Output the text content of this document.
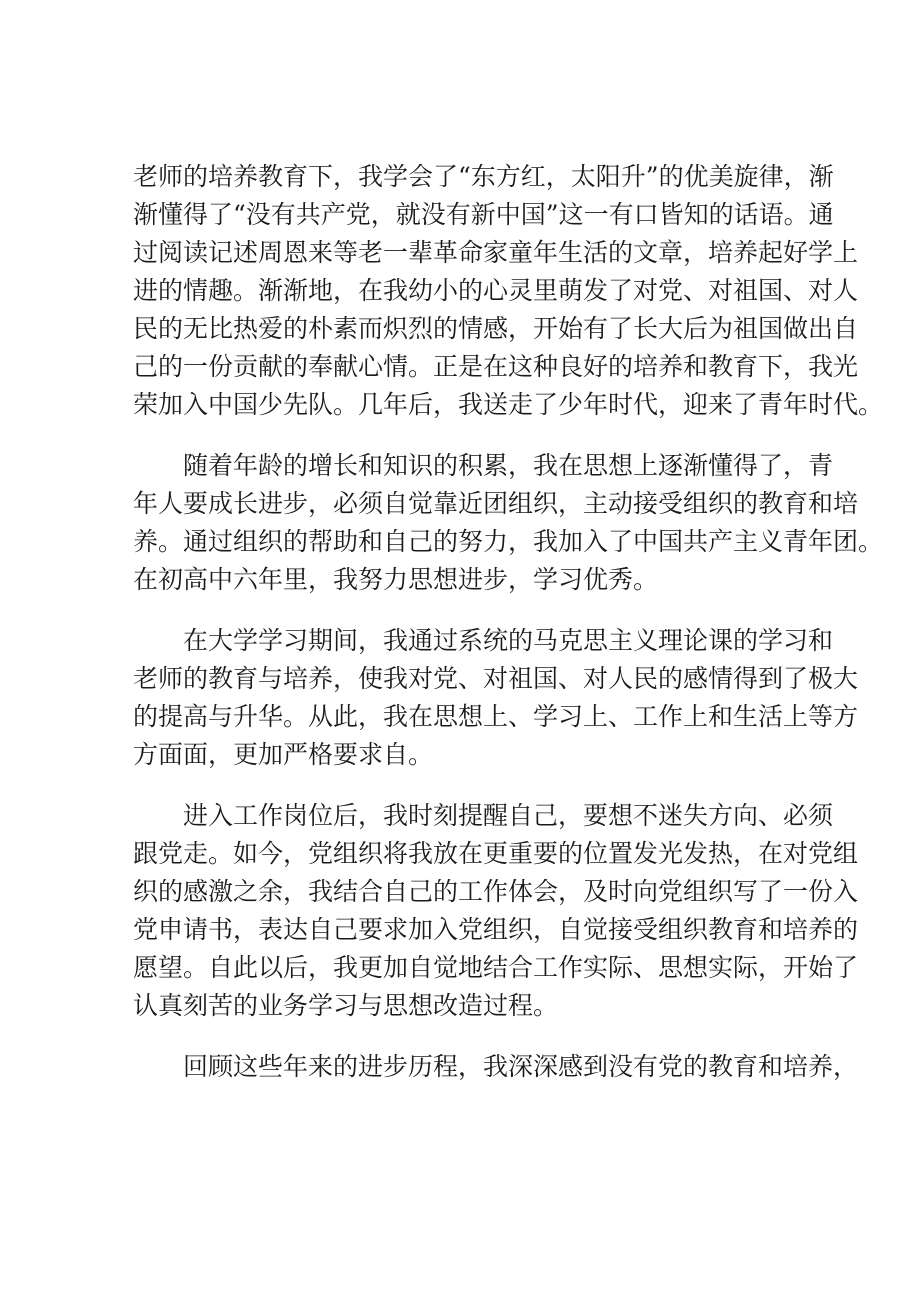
老师的培养教育下，我学会了“东方红，太阳升”的优美旋律，渐
渐懂得了“没有共产党，就没有新中国”这一有口皆知的话语。通
过阅读记述周恩来等老一辈革命家童年生活的文章，培养起好学上
进的情趣。渐渐地，在我幼小的心灵里萌发了对党、对祖国、对人
民的无比热爱的朴素而炽烈的情感，开始有了长大后为祖国做出自
己的一份贡献的奉献心情。正是在这种良好的培养和教育下，我光
荣加入中国少先队。几年后，我送走了少年时代，迎来了青年时代。
随着年龄的增长和知识的积累，我在思想上逐渐懂得了，青
年人要成长进步，必须自觉靠近团组织，主动接受组织的教育和培
养。通过组织的帮助和自己的努力，我加入了中国共产主义青年团。
在初高中六年里，我努力思想进步，学习优秀。
在大学学习期间，我通过系统的马克思主义理论课的学习和
老师的教育与培养，使我对党、对祖国、对人民的感情得到了极大
的提高与升华。从此，我在思想上、学习上、工作上和生活上等方
方面面，更加严格要求自。
进入工作岗位后，我时刻提醒自己，要想不迷失方向、必须
跟党走。如今，党组织将我放在更重要的位置发光发热，在对党组
织的感激之余，我结合自己的工作体会，及时向党组织写了一份入
党申请书，表达自己要求加入党组织，自觉接受组织教育和培养的
愿望。自此以后，我更加自觉地结合工作实际、思想实际，开始了
认真刻苦的业务学习与思想改造过程。
回顾这些年来的进步历程，我深深感到没有党的教育和培养，
